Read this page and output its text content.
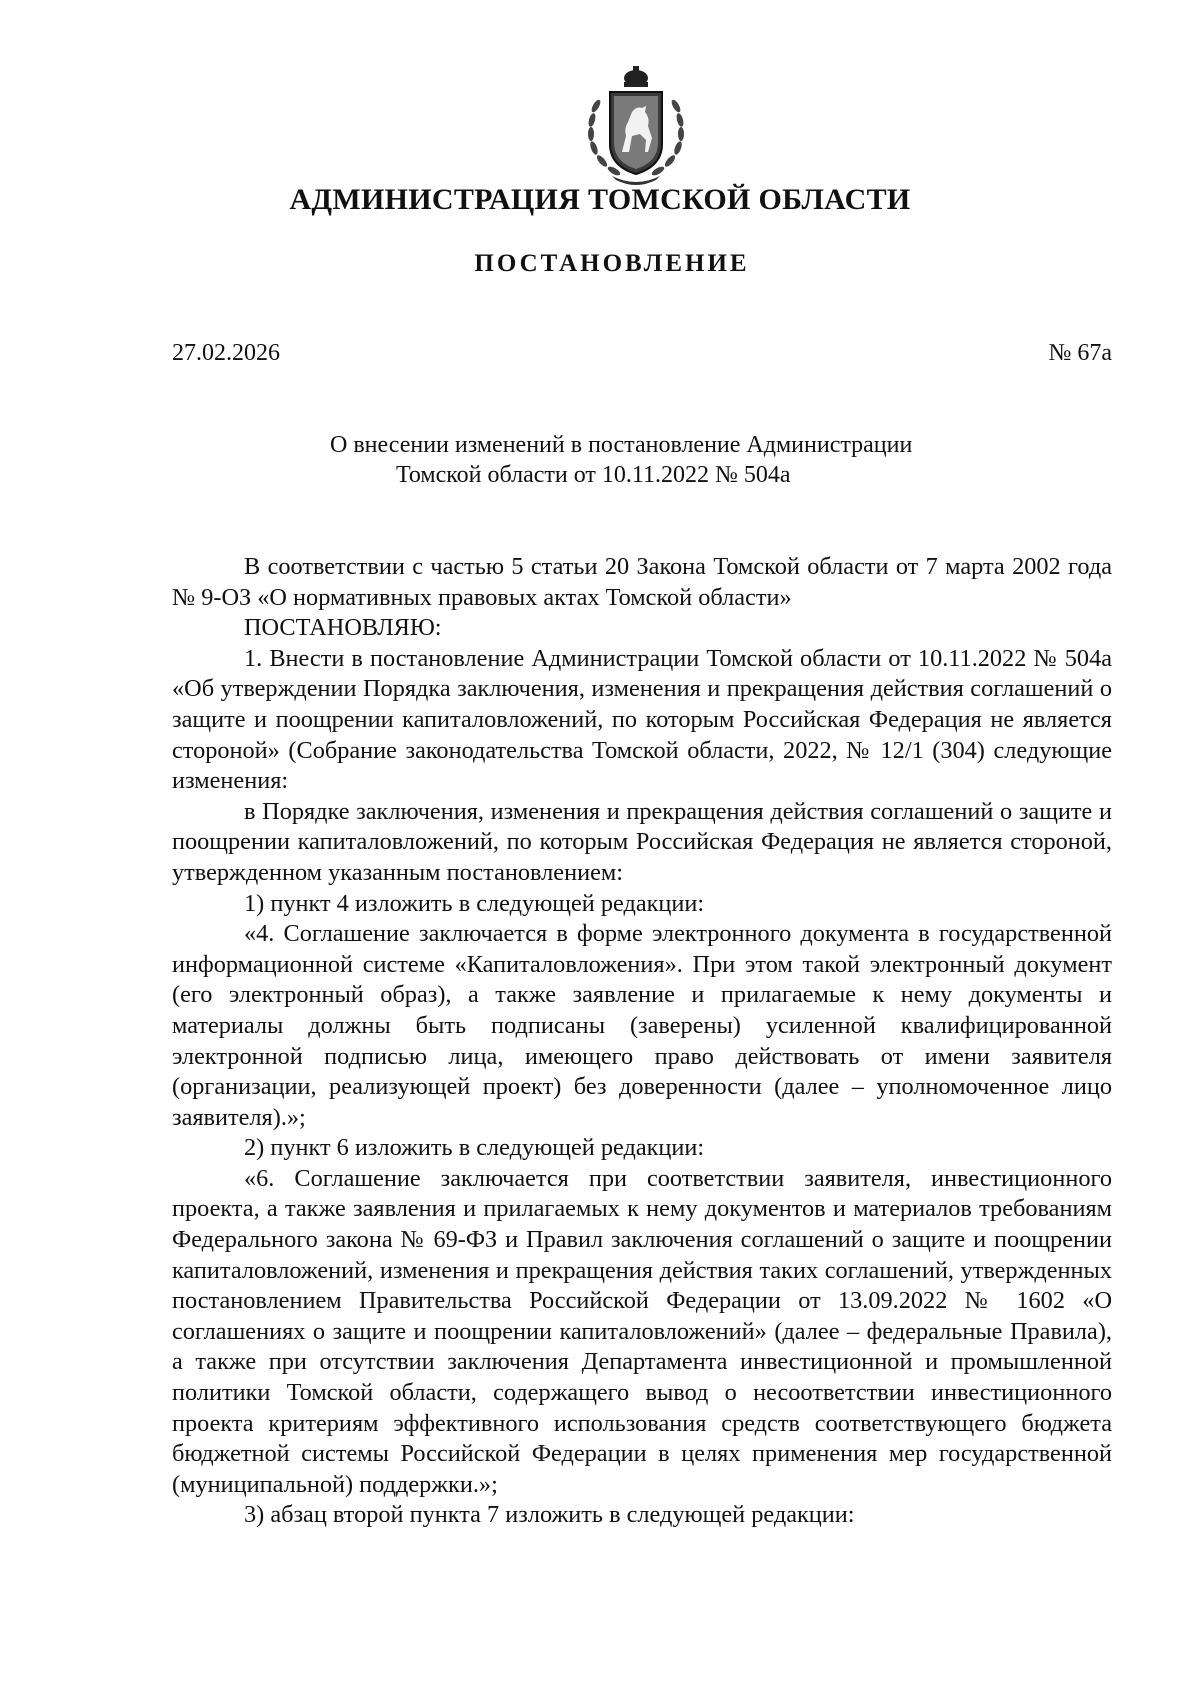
АДМИНИСТРАЦИЯ ТОМСКОЙ ОБЛАСТИ
ПОСТАНОВЛЕНИЕ
27.02.2026	№ 67а
О внесении изменений в постановление Администрации
Томской области от 10.11.2022 № 504а

В соответствии с частью 5 статьи 20 Закона Томской области от 7 марта 2002 года № 9-ОЗ «О нормативных правовых актах Томской области»

ПОСТАНОВЛЯЮ:

1. Внести в постановление Администрации Томской области от 10.11.2022 № 504а «Об утверждении Порядка заключения, изменения и прекращения действия соглашений о защите и поощрении капиталовложений, по которым Российская Федерация не является стороной» (Собрание законодательства Томской области, 2022, № 12/1 (304) следующие изменения:

в Порядке заключения, изменения и прекращения действия соглашений о защите и поощрении капиталовложений, по которым Российская Федерация не является стороной, утвержденном указанным постановлением:

1) пункт 4 изложить в следующей редакции:

«4. Соглашение заключается в форме электронного документа в государственной информационной системе «Капиталовложения». При этом такой электронный документ (его электронный образ), а также заявление и прилагаемые к нему документы и материалы должны быть подписаны (заверены) усиленной квалифицированной электронной подписью лица, имеющего право действовать от имени заявителя (организации, реализующей проект) без доверенности (далее – уполномоченное лицо заявителя).»;

2) пункт 6 изложить в следующей редакции:

«6. Соглашение заключается при соответствии заявителя, инвестиционного проекта, а также заявления и прилагаемых к нему документов и материалов требованиям Федерального закона № 69-ФЗ и Правил заключения соглашений о защите и поощрении капиталовложений, изменения и прекращения действия таких соглашений, утвержденных постановлением Правительства Российской Федерации от 13.09.2022 № 1602 «О соглашениях о защите и поощрении капиталовложений» (далее – федеральные Правила), а также при отсутствии заключения Департамента инвестиционной и промышленной политики Томской области, содержащего вывод о несоответствии инвестиционного проекта критериям эффективного использования средств соответствующего бюджета бюджетной системы Российской Федерации в целях применения мер государственной (муниципальной) поддержки.»;

3) абзац второй пункта 7 изложить в следующей редакции:
